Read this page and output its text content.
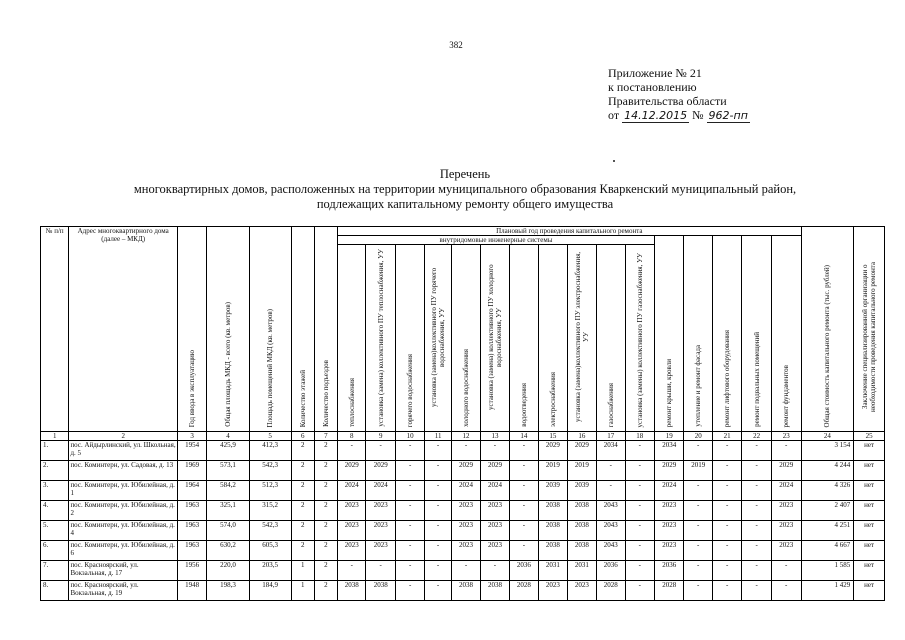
382
Приложение № 21
к постановлению
Правительства области
от 14.12.2015 № 962-пп
Перечень
многоквартирных домов, расположенных на территории муниципального образования Кваркенский муниципальный район,
подлежащих капитальному ремонту общего имущества
№ п/п	Адрес многоквартирного дома (далее – МКД)	Год ввода в эксплуатацию	Общая площадь МКД - всего (кв. метров)	Площадь помещений МКД (кв. метров)	Количество этажей	Количество подъездов	Плановый год проведения капитального ремонта																Общая стоимость капитального ремонта (тыс. рублей)	Заключение специализированной организации о необходимости проведения капитального ремонта
							внутридомовые инженерные системы											ремонт крыши, кровли	утепление и ремонт фасада	ремонт лифтового оборудования	ремонт подвальных помещений	ремонт фундаментов		
							теплоснабжения	установка (замена) коллективного ПУ теплоснабжения, УУ	горячего водоснабжения	установка (замена)коллективного ПУ горячего водоснабжения, УУ	холодного водоснабжения	установка (замена) коллективного ПУ холодного водоснабжения, УУ	водоотведения	электроснабжения	установка (замена)коллективного ПУ электроснабжения, УУ	газоснабжения	установка (замены) коллективного ПУ газоснабжения, УУ							
1	2	3	4	5	6	7	8	9	10	11	12	13	14	15	16	17	18	19	20	21	22	23	24	25
1.	пос. Айдырлинский, ул. Школьная, д. 5	1954	425,9	412,3	2	2	-	-	-	-	-	-	-	2029	2029	2034	-	2034	-	-	-	-	3 154	нет
2.	пос. Коминтерн, ул. Садовая, д. 13	1969	573,1	542,3	2	2	2029	2029	-	-	2029	2029	-	2019	2019	-	-	2029	2019	-	-	2029	4 244	нет
3.	пос. Коминтерн, ул. Юбилейная, д. 1	1964	584,2	512,3	2	2	2024	2024	-	-	2024	2024	-	2039	2039	-	-	2024	-	-	-	2024	4 326	нет
4.	пос. Коминтерн, ул. Юбилейная, д. 2	1963	325,1	315,2	2	2	2023	2023	-	-	2023	2023	-	2038	2038	2043	-	2023	-	-	-	2023	2 407	нет
5.	пос. Коминтерн, ул. Юбилейная, д. 4	1963	574,0	542,3	2	2	2023	2023	-	-	2023	2023	-	2038	2038	2043	-	2023	-	-	-	2023	4 251	нет
6.	пос. Коминтерн, ул. Юбилейная, д. 6	1963	630,2	605,3	2	2	2023	2023	-	-	2023	2023	-	2038	2038	2043	-	2023	-	-	-	2023	4 667	нет
7.	пос. Красноярский, ул. Вокзальная, д. 17	1956	220,0	203,5	1	2	-	-	-	-	-	-	2036	2031	2031	2036	-	2036	-	-	-	-	1 585	нет
8.	пос. Красноярский, ул. Вокзальная, д. 19	1948	198,3	184,9	1	2	2038	2038	-	-	2038	2038	2028	2023	2023	2028	-	2028	-	-	-	-	1 429	нет
